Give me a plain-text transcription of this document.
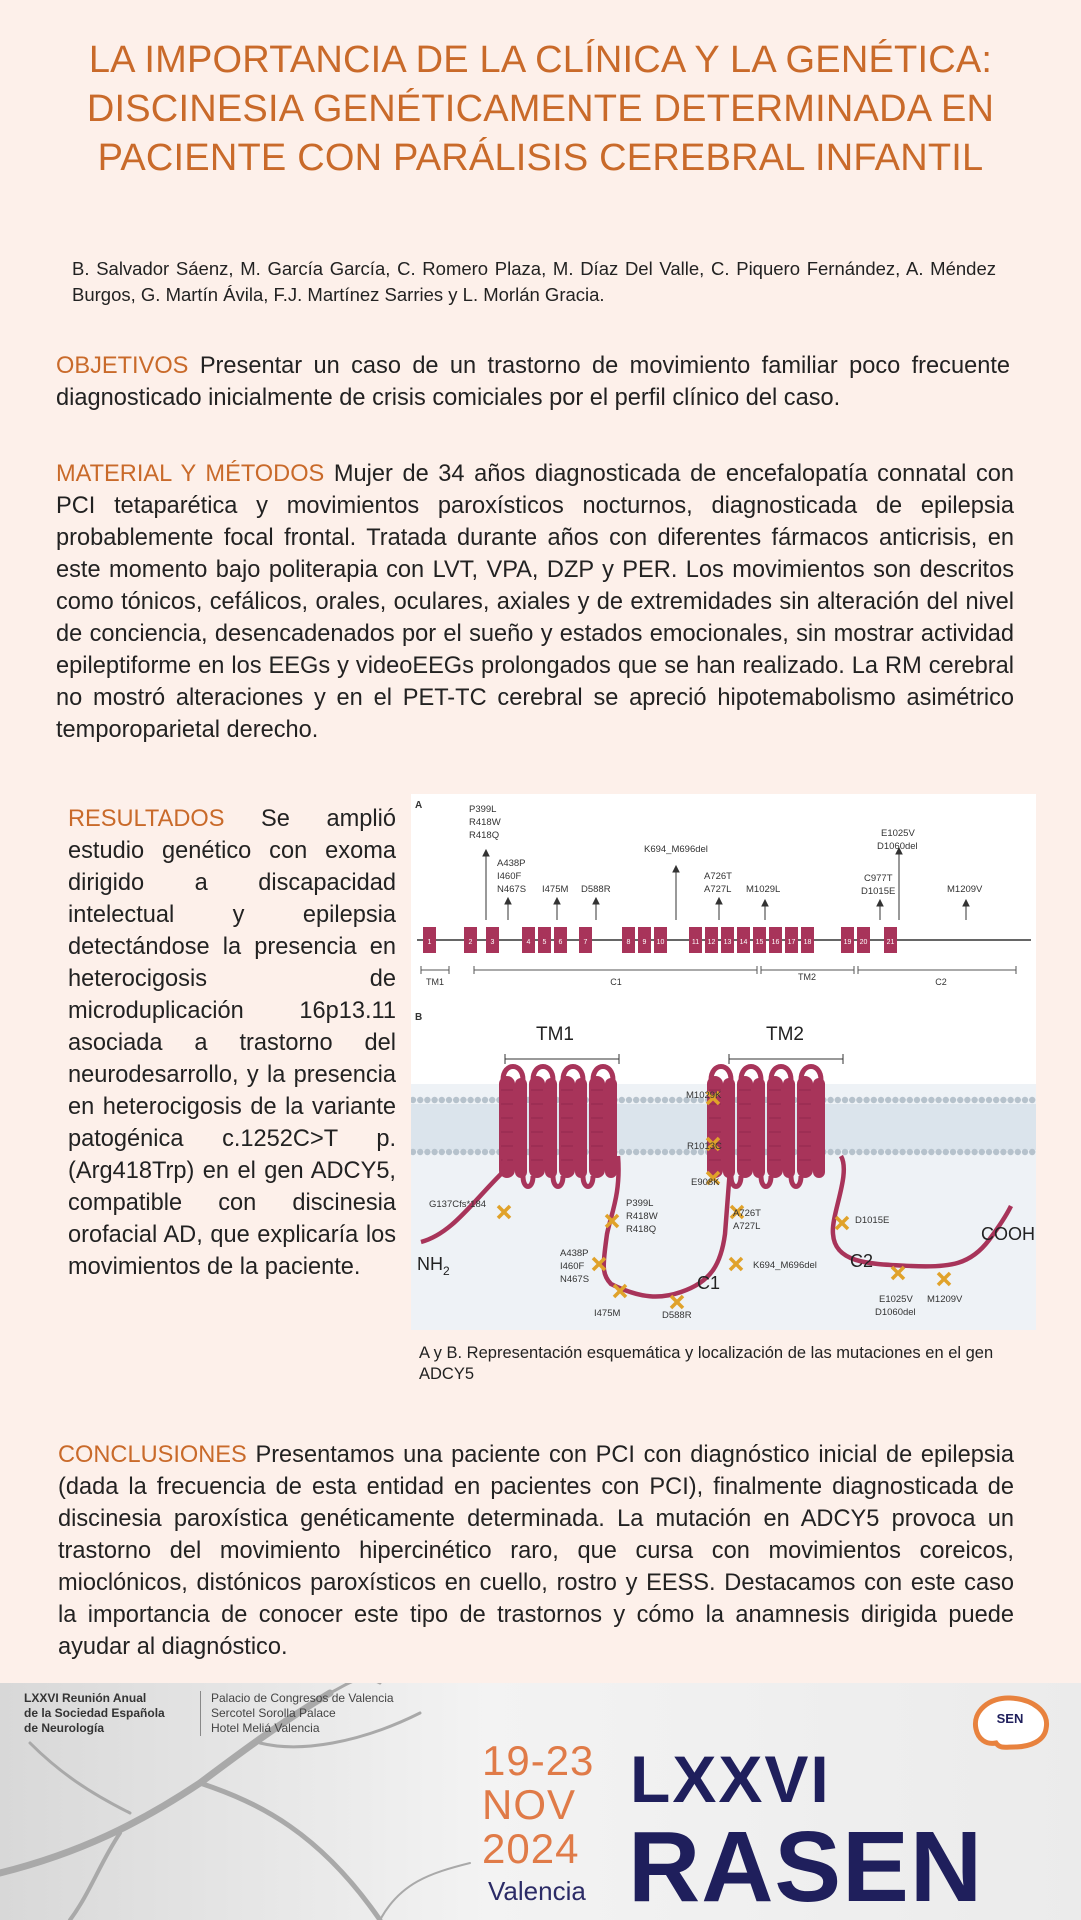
LA IMPORTANCIA DE LA CLÍNICA Y LA GENÉTICA: DISCINESIA GENÉTICAMENTE DETERMINADA EN PACIENTE CON PARÁLISIS CEREBRAL INFANTIL
B. Salvador Sáenz, M. García García, C. Romero Plaza, M. Díaz Del Valle, C. Piquero Fernández, A. Méndez Burgos, G. Martín Ávila, F.J. Martínez Sarries y L. Morlán Gracia.
OBJETIVOS Presentar un caso de un trastorno de movimiento familiar poco frecuente diagnosticado inicialmente de crisis comiciales por el perfil clínico del caso.
MATERIAL Y MÉTODOS Mujer de 34 años diagnosticada de encefalopatía connatal con PCI tetaparética y movimientos paroxísticos nocturnos, diagnosticada de epilepsia probablemente focal frontal. Tratada durante años con diferentes fármacos anticrisis, en este momento bajo politerapia con LVT, VPA, DZP y PER. Los movimientos son descritos como tónicos, cefálicos, orales, oculares, axiales y de extremidades sin alteración del nivel de conciencia, desencadenados por el sueño y estados emocionales, sin mostrar actividad epileptiforme en los EEGs y videoEEGs prolongados que se han realizado. La RM cerebral no mostró alteraciones y en el PET-TC cerebral se apreció hipotemabolismo asimétrico temporoparietal derecho.
RESULTADOS Se amplió estudio genético con exoma dirigido a discapacidad intelectual y epilepsia detectándose la presencia en heterocigosis de microduplicación 16p13.11 asociada a trastorno del neurodesarrollo, y la presencia en heterocigosis de la variante patogénica c.1252C>T p.(Arg418Trp) en el gen ADCY5, compatible con discinesia orofacial AD, que explicaría los movimientos de la paciente.
A
1	2	3	4 5 6	7	8 9 10	11 12 13 14 15 16 17 18	19 20	21
TM1	C1	TM2	C2
P399L
R418W
R418Q
A438P
I460F
N467S I475M D588R
K694_M696del
A726T
A727L M1029L
E1025V
D1060del
C977T
D1015E	M1209V
B
TM1	TM2
G137Cfs*184
M1029K
R1013C
E908K
P399L
R418W
R418Q
A438P
I460F
N467S
I475M	D588R
A726T
A727L
K694_M696del
D1015E
E1025V
D1060del
M1209V
$NH_2$
COOH
C1
C2
A y B. Representación esquemática y localización de las mutaciones en el gen ADCY5
CONCLUSIONES Presentamos una paciente con PCI con diagnóstico inicial de epilepsia (dada la frecuencia de esta entidad en pacientes con PCI), finalmente diagnosticada de discinesia paroxística genéticamente determinada. La mutación en ADCY5 provoca un trastorno del movimiento hipercinético raro, que cursa con movimientos coreicos, mioclónicos, distónicos paroxísticos en cuello, rostro y EESS. Destacamos con este caso la importancia de conocer este tipo de trastornos y cómo la anamnesis dirigida puede ayudar al diagnóstico.
LXXVI Reunión Anual
de la Sociedad Española
de Neurología
Palacio de Congresos de Valencia
Sercotel Sorolla Palace
Hotel Meliá Valencia
19-23
NOV
2024
Valencia
LXXVI
RASEN
SEN
